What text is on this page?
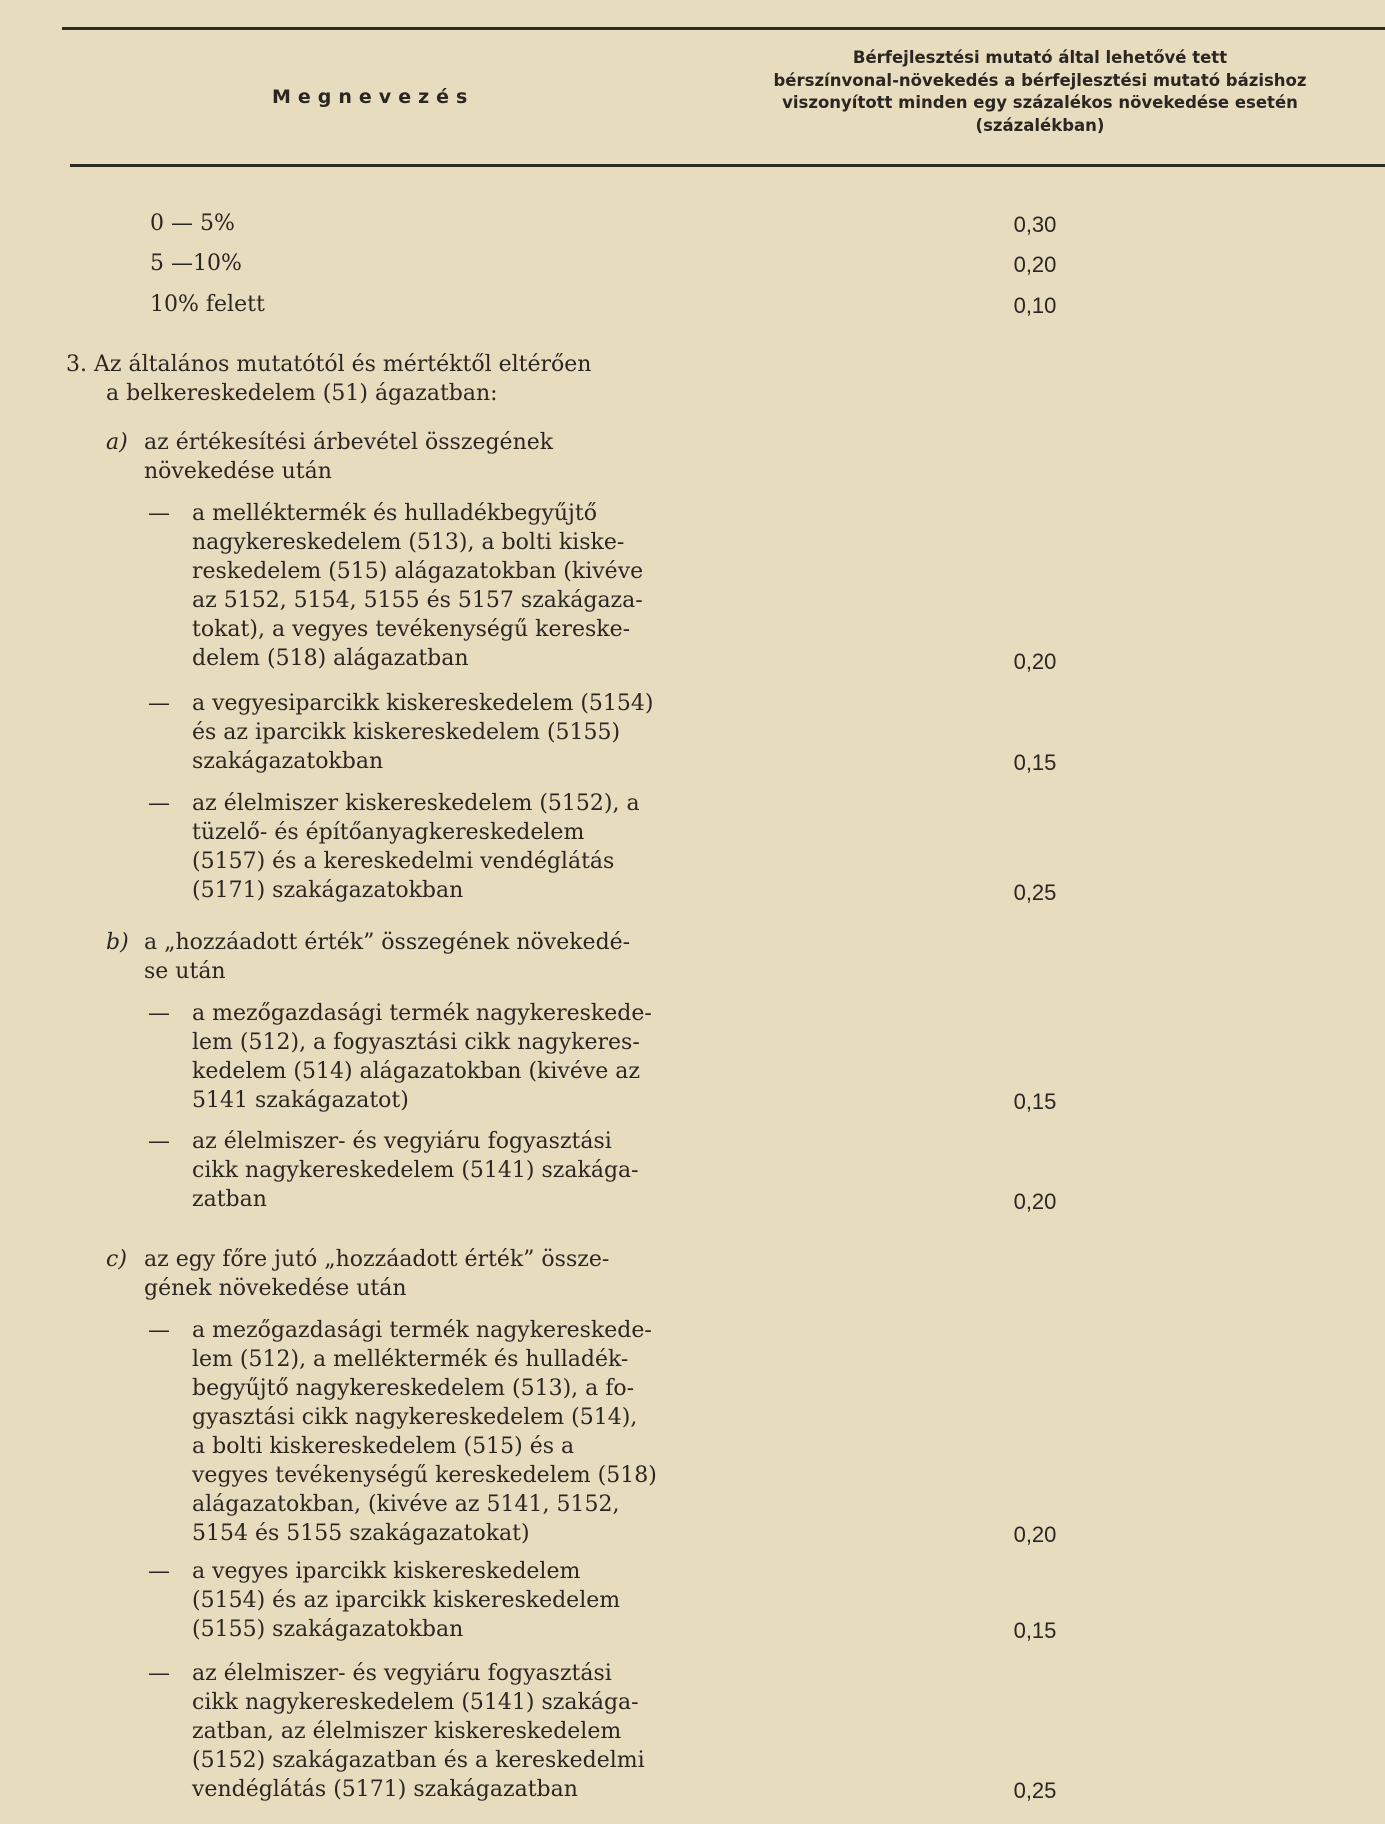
Megnevezés
Bérfejlesztési mutató által lehetővé tett
bérszínvonal-növekedés a bérfejlesztési mutató bázishoz
viszonyított minden egy százalékos növekedése esetén
(százalékban)
0 — 5%	0,30
5 —10%	0,20
10% felett	0,10
3. Az általános mutatótól és mértéktől eltérően
a belkereskedelem (51) ágazatban:
a) az értékesítési árbevétel összegének
növekedése után
— a melléktermék és hulladékbegyűjtő
nagykereskedelem (513), a bolti kiske-
reskedelem (515) alágazatokban (kivéve
az 5152, 5154, 5155 és 5157 szakágaza-
tokat), a vegyes tevékenységű kereske-
delem (518) alágazatban	0,20
— a vegyesiparcikk kiskereskedelem (5154)
és az iparcikk kiskereskedelem (5155)
szakágazatokban	0,15
— az élelmiszer kiskereskedelem (5152), a
tüzelő- és építőanyagkereskedelem
(5157) és a kereskedelmi vendéglátás
(5171) szakágazatokban	0,25
b) a „hozzáadott érték” összegének növekedé-
se után
— a mezőgazdasági termék nagykereskede-
lem (512), a fogyasztási cikk nagykeres-
kedelem (514) alágazatokban (kivéve az
5141 szakágazatot)	0,15
— az élelmiszer- és vegyiáru fogyasztási
cikk nagykereskedelem (5141) szakága-
zatban	0,20
c) az egy főre jutó „hozzáadott érték” össze-
gének növekedése után
— a mezőgazdasági termék nagykereskede-
lem (512), a melléktermék és hulladék-
begyűjtő nagykereskedelem (513), a fo-
gyasztási cikk nagykereskedelem (514),
a bolti kiskereskedelem (515) és a
vegyes tevékenységű kereskedelem (518)
alágazatokban, (kivéve az 5141, 5152,
5154 és 5155 szakágazatokat)	0,20
— a vegyes iparcikk kiskereskedelem
(5154) és az iparcikk kiskereskedelem
(5155) szakágazatokban	0,15
— az élelmiszer- és vegyiáru fogyasztási
cikk nagykereskedelem (5141) szakága-
zatban, az élelmiszer kiskereskedelem
(5152) szakágazatban és a kereskedelmi
vendéglátás (5171) szakágazatban	0,25
